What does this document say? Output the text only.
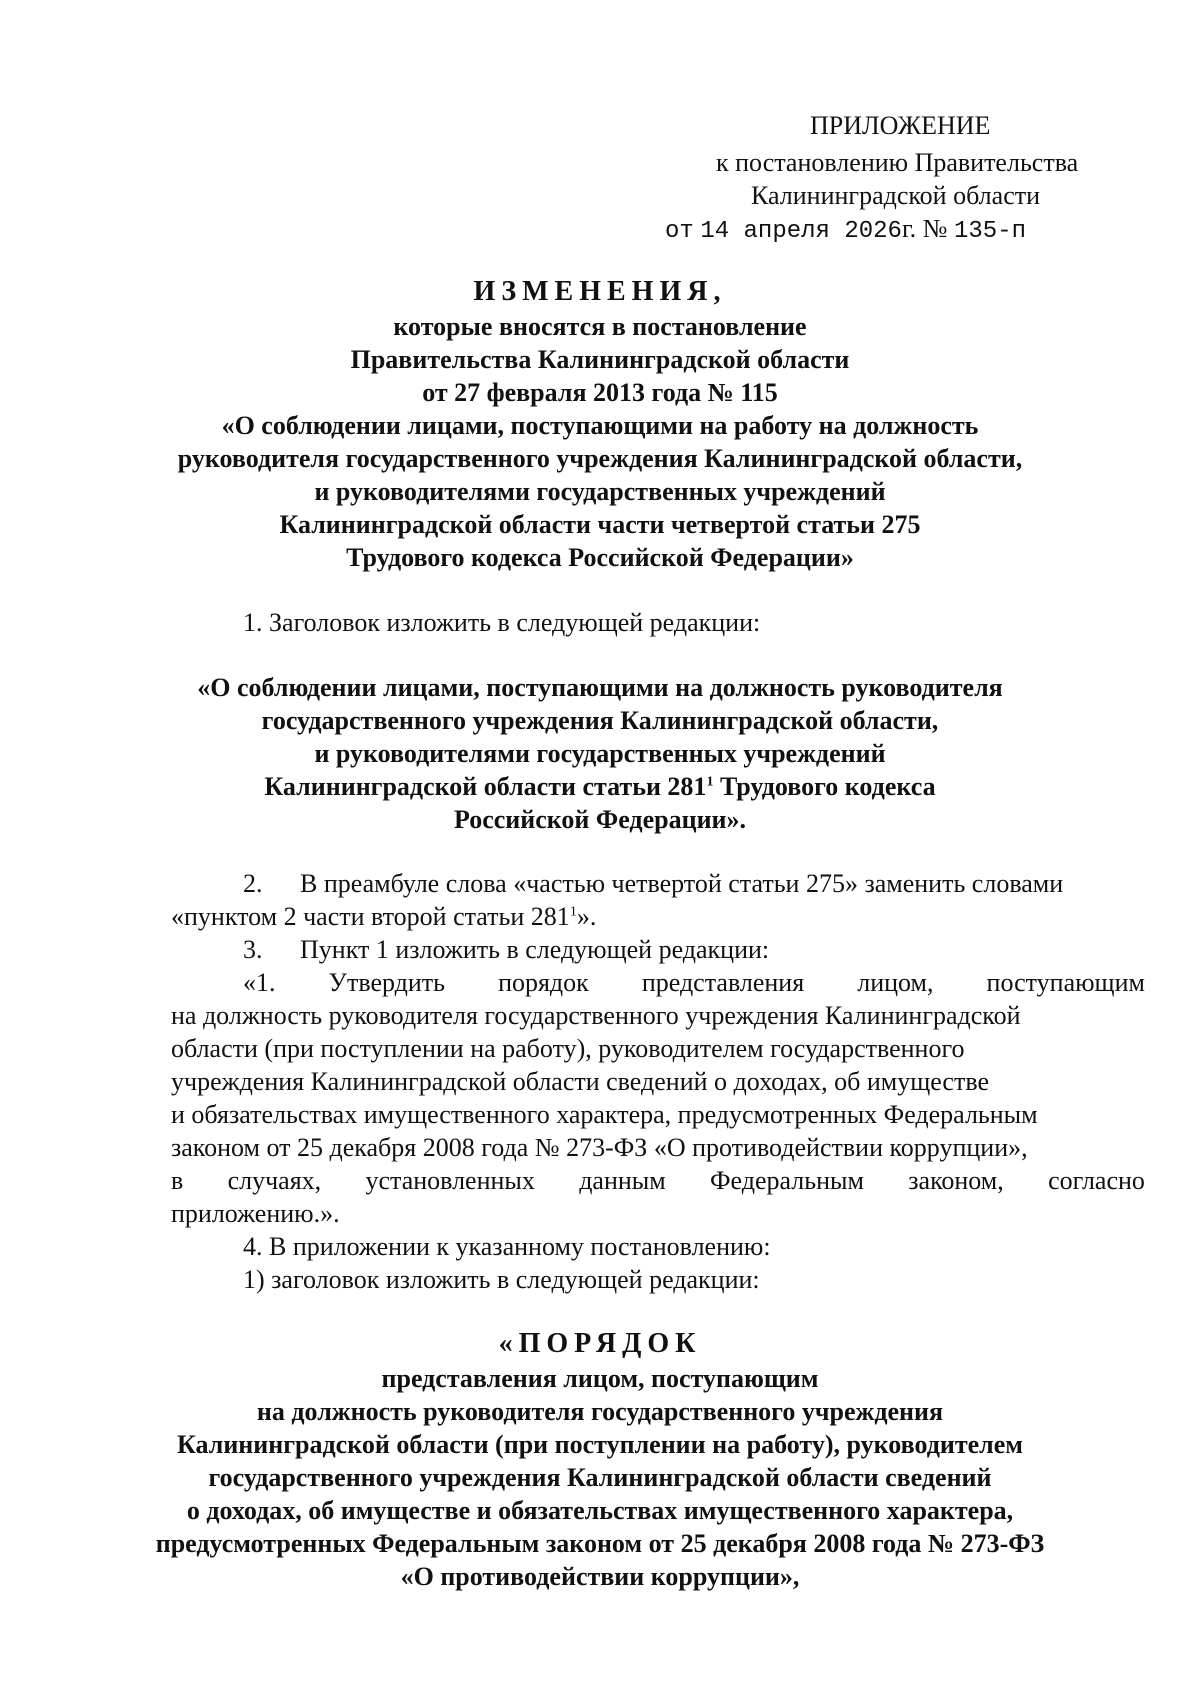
ПРИЛОЖЕНИЕ
к постановлению Правительства
Калининградской области
от 14 апреля 2026г. № 135-п
ИЗМЕНЕНИЯ,
которые вносятся в постановление
Правительства Калининградской области
от 27 февраля 2013 года № 115
«О соблюдении лицами, поступающими на работу на должность
руководителя государственного учреждения Калининградской области,
и руководителями государственных учреждений
Калининградской области части четвертой статьи 275
Трудового кодекса Российской Федерации»
1. Заголовок изложить в следующей редакции:
«О соблюдении лицами, поступающими на должность руководителя
государственного учреждения Калининградской области,
и руководителями государственных учреждений
Калининградской области статьи $281^1$ Трудового кодекса
Российской Федерации».
2. В преамбуле слова «частью четвертой статьи 275» заменить словами
«пунктом 2 части второй статьи $281^1$».
3. Пункт 1 изложить в следующей редакции:
«1. Утвердить порядок представления лицом, поступающим
на должность руководителя государственного учреждения Калининградской
области (при поступлении на работу), руководителем государственного
учреждения Калининградской области сведений о доходах, об имуществе
и обязательствах имущественного характера, предусмотренных Федеральным
законом от 25 декабря 2008 года № 273-ФЗ «О противодействии коррупции»,
в случаях, установленных данным Федеральным законом, согласно
приложению.».
4. В приложении к указанному постановлению:
1) заголовок изложить в следующей редакции:
«ПОРЯДОК
представления лицом, поступающим
на должность руководителя государственного учреждения
Калининградской области (при поступлении на работу), руководителем
государственного учреждения Калининградской области сведений
о доходах, об имуществе и обязательствах имущественного характера,
предусмотренных Федеральным законом от 25 декабря 2008 года № 273-ФЗ
«О противодействии коррупции»,
